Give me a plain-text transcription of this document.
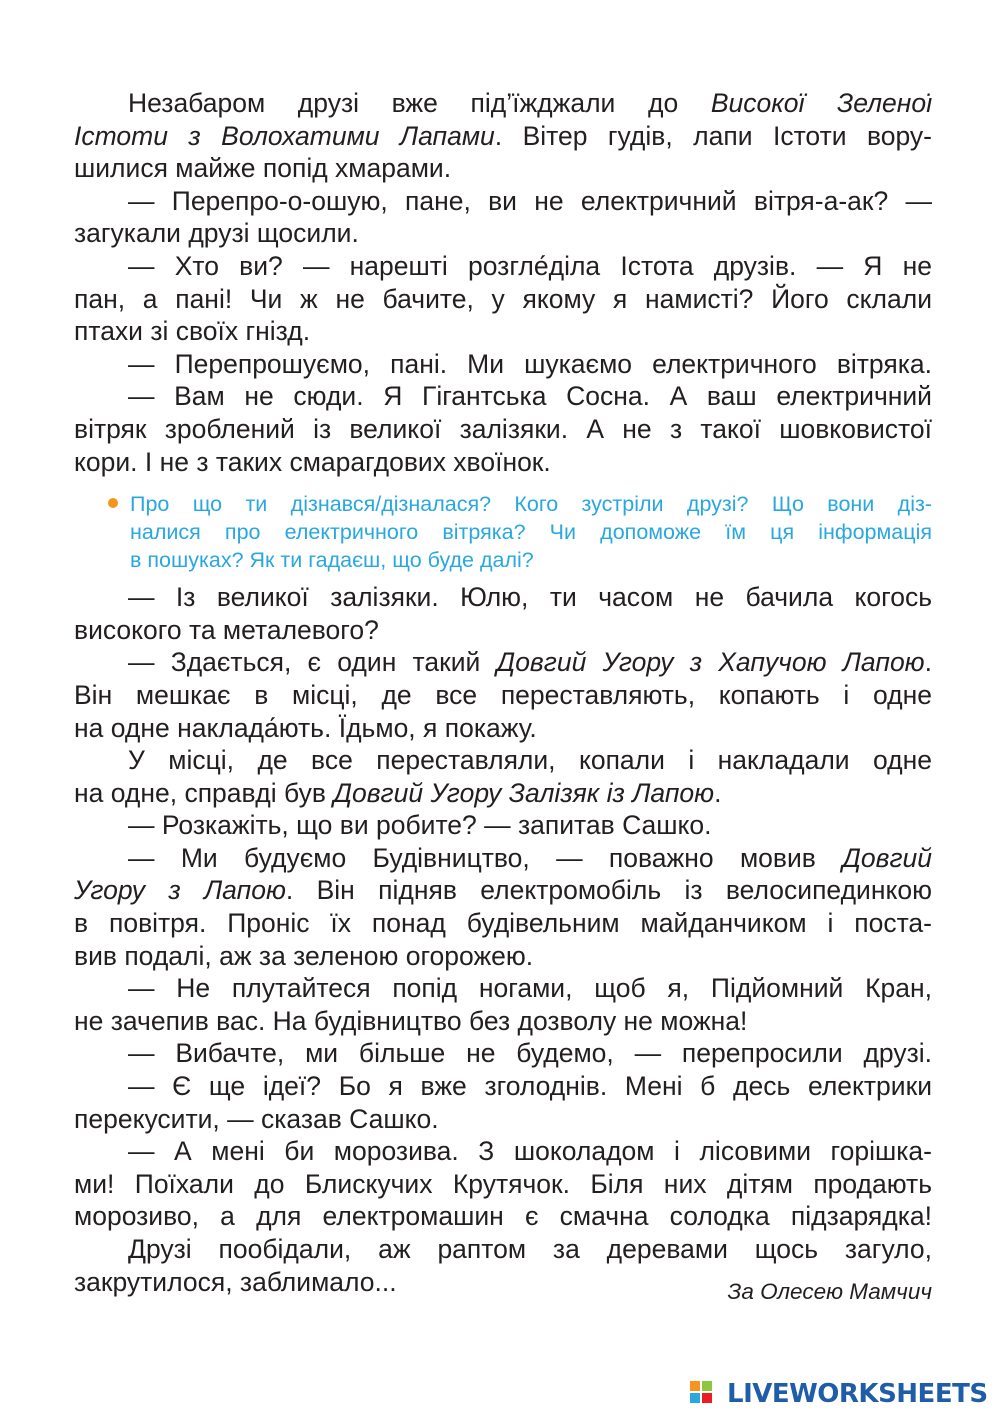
Незабаром друзі вже під’їжджали до Високої Зеленої
Істоти з Волохатими Лапами. Вітер гудів, лапи Істоти вору-
шилися майже попід хмарами.
— Перепро-о-ошую, пане, ви не електричний вітря-а-ак? —
загукали друзі щосили.
— Хто ви? — нарешті розгле́діла Істота друзів. — Я не
пан, а пані! Чи ж не бачите, у якому я намисті? Його склали
птахи зі своїх гнізд.
— Перепрошуємо, пані. Ми шукаємо електричного вітряка.
— Вам не сюди. Я Гігантська Сосна. А ваш електричний
вітряк зроблений із великої залізяки. А не з такої шовковистої
кори. І не з таких смарагдових хвоїнок.
Про що ти дізнався/дізналася? Кого зустріли друзі? Що вони діз-
налися про електричного вітряка? Чи допоможе їм ця інформація
в пошуках? Як ти гадаєш, що буде далі?
— Із великої залізяки. Юлю, ти часом не бачила когось
високого та металевого?
— Здається, є один такий Довгий Угору з Хапучою Лапою.
Він мешкає в місці, де все переставляють, копають і одне
на одне наклада́ють. Їдьмо, я покажу.
У місці, де все переставляли, копали і накладали одне
на одне, справді був Довгий Угору Залізяк із Лапою.
— Розкажіть, що ви робите? — запитав Сашко.
— Ми будуємо Будівництво, — поважно мовив Довгий
Угору з Лапою. Він підняв електромобіль із велосипединкою
в повітря. Проніс їх понад будівельним майданчиком і поста-
вив подалі, аж за зеленою огорожею.
— Не плутайтеся попід ногами, щоб я, Підйомний Кран,
не зачепив вас. На будівництво без дозволу не можна!
— Вибачте, ми більше не будемо, — перепросили друзі.
— Є ще ідеї? Бо я вже зголоднів. Мені б десь електрики
перекусити, — сказав Сашко.
— А мені би морозива. З шоколадом і лісовими горішка-
ми! Поїхали до Блискучих Крутячок. Біля них дітям продають
морозиво, а для електромашин є смачна солодка підзарядка!
Друзі пообідали, аж раптом за деревами щось загуло,
закрутилося, заблимало...	За Олесею Мамчич
LIVEWORKSHEETS
